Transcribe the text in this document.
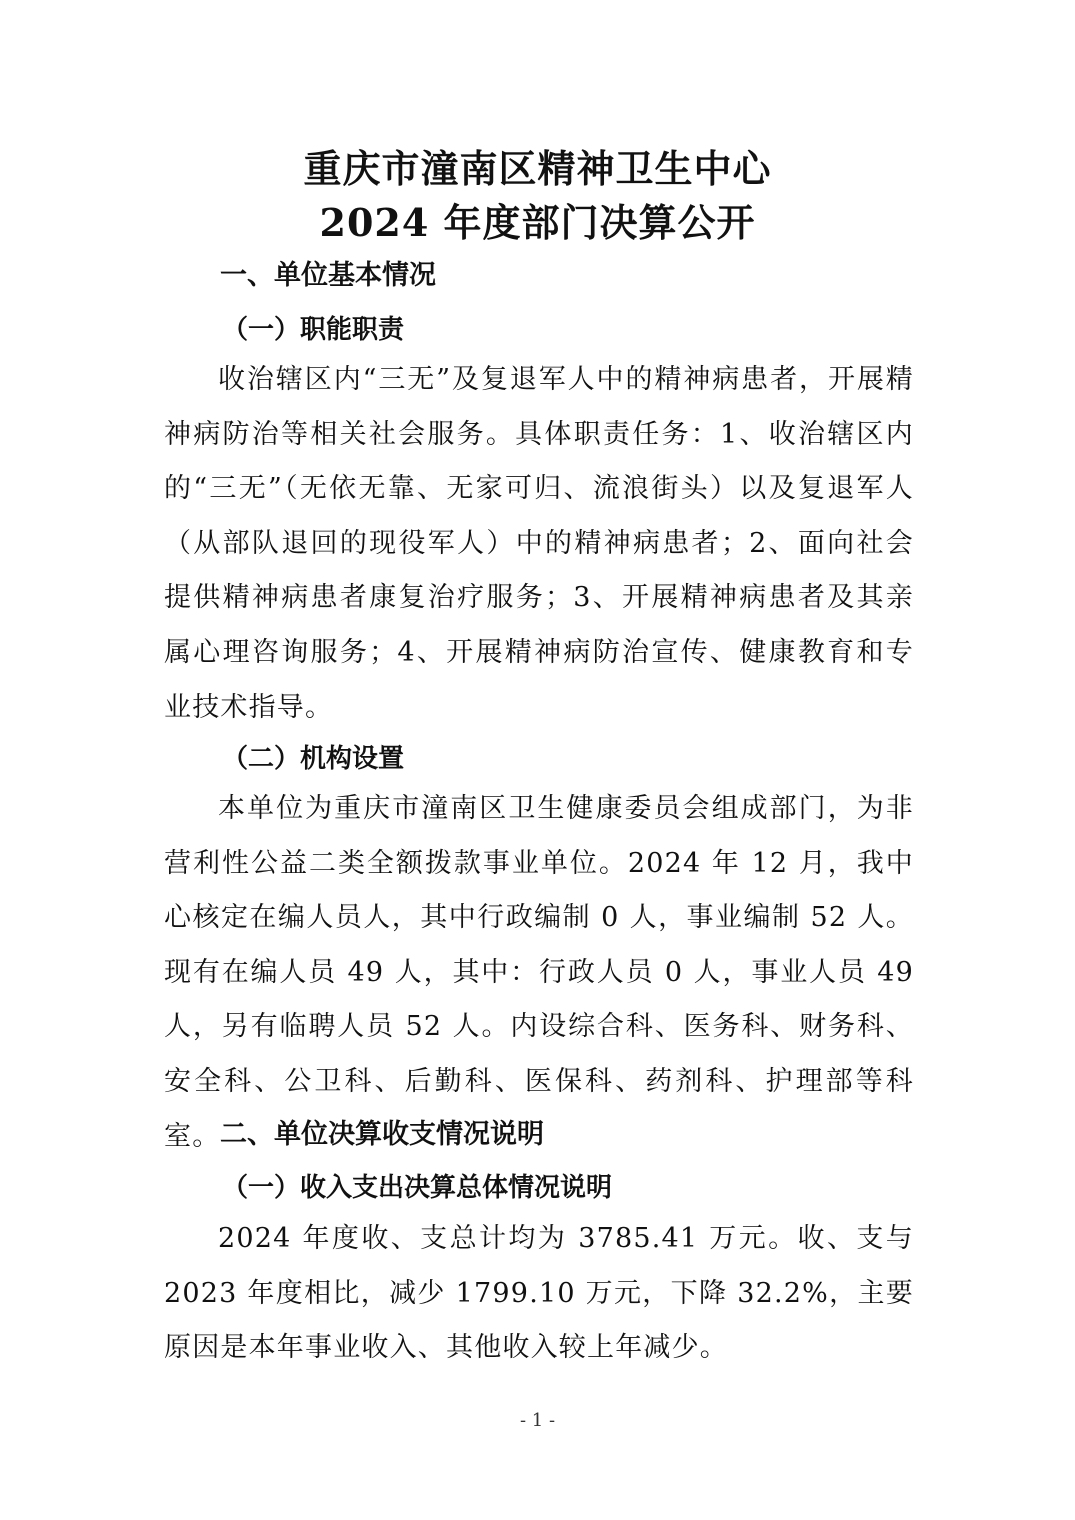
重庆市潼南区精神卫生中心
2024 年度部门决算公开
一、单位基本情况
（一）职能职责

收治辖区内“三无”及复退军人中的精神病患者，开展精神病防治等相关社会服务。具体职责任务：1、收治辖区内的“三无”（无依无靠、无家可归、流浪街头）以及复退军人（从部队退回的现役军人）中的精神病患者；2、面向社会提供精神病患者康复治疗服务；3、开展精神病患者及其亲属心理咨询服务；4、开展精神病防治宣传、健康教育和专业技术指导。

（二）机构设置

本单位为重庆市潼南区卫生健康委员会组成部门，为非营利性公益二类全额拨款事业单位。2024 年 12 月，我中心核定在编人员人，其中行政编制 0 人，事业编制 52 人。现有在编人员 49 人，其中：行政人员 0 人，事业人员 49 人，另有临聘人员 52 人。内设综合科、医务科、财务科、安全科、公卫科、后勤科、医保科、药剂科、护理部等科室。 二、单位决算收支情况说明
（一）收入支出决算总体情况说明

2024 年度收、支总计均为 3785.41 万元。收、支与 2023 年度相比，减少 1799.10 万元，下降 32.2%，主要原因是本年事业收入、其他收入较上年减少。

- 1 -
